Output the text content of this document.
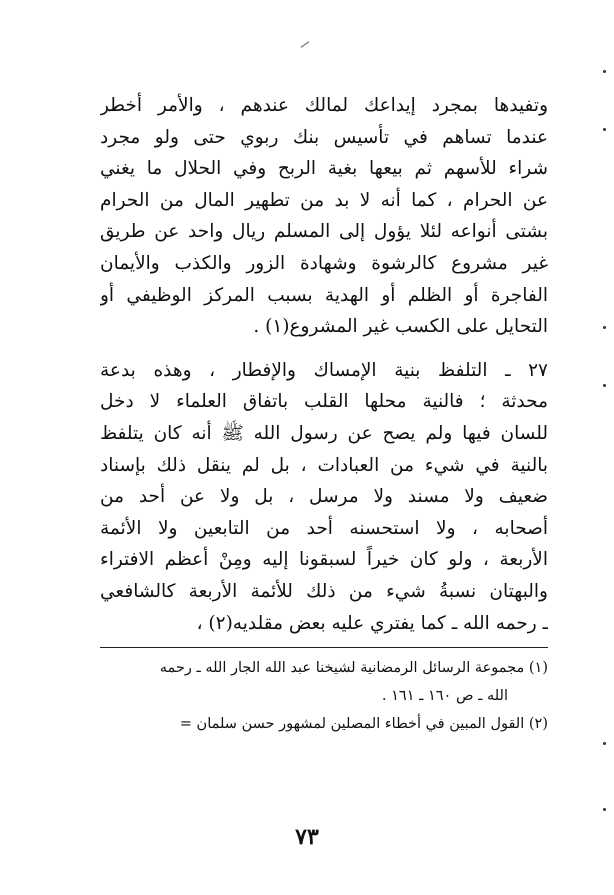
وتفيدها بمجرد إيداعك لمالك عندهم ، والأمر أخطر
عندما تساهم في تأسيس بنك ربوي حتى ولو مجرد
شراء للأسهم ثم بيعها بغية الربح وفي الحلال ما يغني
عن الحرام ، كما أنه لا بد من تطهير المال من الحرام
بشتى أنواعه لئلا يؤول إلى المسلم ريال واحد عن طريق
غير مشروع كالرشوة وشهادة الزور والكذب والأيمان
الفاجرة أو الظلم أو الهدية بسبب المركز الوظيفي أو
التحايل على الكسب غير المشروع(١) .
٢٧ ـ التلفظ بنية الإمساك والإفطار ، وهذه بدعة
محدثة ؛ فالنية محلها القلب باتفاق العلماء لا دخل
للسان فيها ولم يصح عن رسول الله ﷺ أنه كان يتلفظ
بالنية في شيء من العبادات ، بل لم ينقل ذلك بإسناد
ضعيف ولا مسند ولا مرسل ، بل ولا عن أحد من
أصحابه ، ولا استحسنه أحد من التابعين ولا الأئمة
الأربعة ، ولو كان خيراً لسبقونا إليه ومِنْ أعظم الافتراء
والبهتان نسبةُ شيء من ذلك للأئمة الأربعة كالشافعي
ـ رحمه الله ـ كما يفتري عليه بعض مقلديه(٢) ،
(١) مجموعة الرسائل الرمضانية لشيخنا عبد الله الجار الله ـ رحمه
الله ـ ص ١٦٠ ـ ١٦١ .
(٢) القول المبين في أخطاء المصلين لمشهور حسن سلمان =
٧٣
